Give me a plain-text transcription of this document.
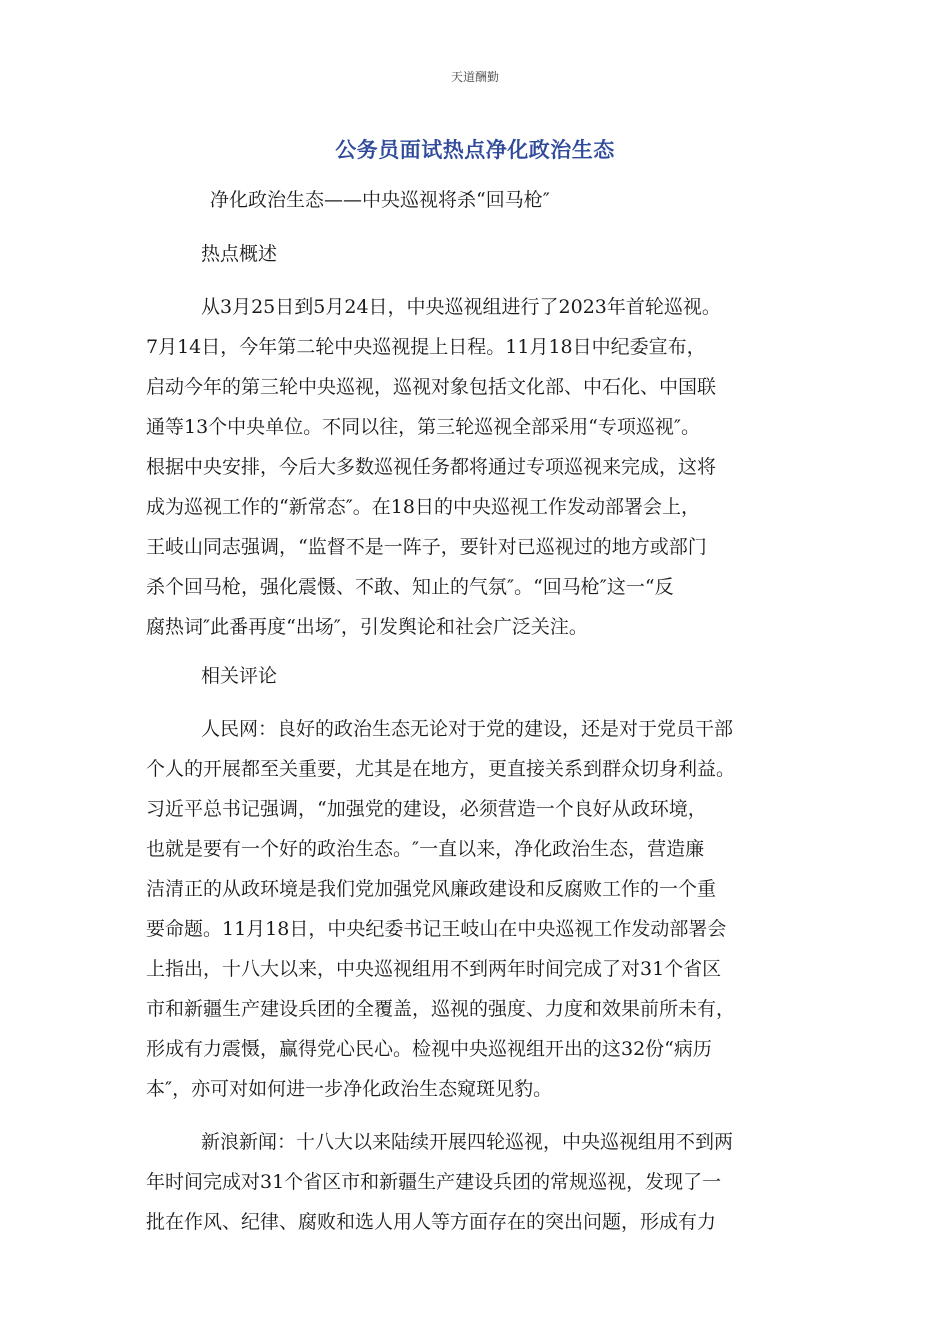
天道酬勤
公务员面试热点净化政治生态
净化政治生态——中央巡视将杀“回马枪″
热点概述
从3月25日到5月24日，中央巡视组进行了2023年首轮巡视。
7月14日，今年第二轮中央巡视提上日程。11月18日中纪委宣布，
启动今年的第三轮中央巡视，巡视对象包括文化部、中石化、中国联
通等13个中央单位。不同以往，第三轮巡视全部采用“专项巡视″。
根据中央安排，今后大多数巡视任务都将通过专项巡视来完成，这将
成为巡视工作的“新常态″。在18日的中央巡视工作发动部署会上，
王岐山同志强调，“监督不是一阵子，要针对已巡视过的地方或部门
杀个回马枪，强化震慑、不敢、知止的气氛″。“回马枪″这一“反
腐热词″此番再度“出场″，引发舆论和社会广泛关注。
相关评论
人民网：良好的政治生态无论对于党的建设，还是对于党员干部
个人的开展都至关重要，尤其是在地方，更直接关系到群众切身利益。
习近平总书记强调，“加强党的建设，必须营造一个良好从政环境，
也就是要有一个好的政治生态。″一直以来，净化政治生态，营造廉
洁清正的从政环境是我们党加强党风廉政建设和反腐败工作的一个重
要命题。11月18日，中央纪委书记王岐山在中央巡视工作发动部署会
上指出，十八大以来，中央巡视组用不到两年时间完成了对31个省区
市和新疆生产建设兵团的全覆盖，巡视的强度、力度和效果前所未有，
形成有力震慑，赢得党心民心。检视中央巡视组开出的这32份“病历
本″，亦可对如何进一步净化政治生态窥斑见豹。
新浪新闻：十八大以来陆续开展四轮巡视，中央巡视组用不到两
年时间完成对31个省区市和新疆生产建设兵团的常规巡视，发现了一
批在作风、纪律、腐败和选人用人等方面存在的突出问题，形成有力
